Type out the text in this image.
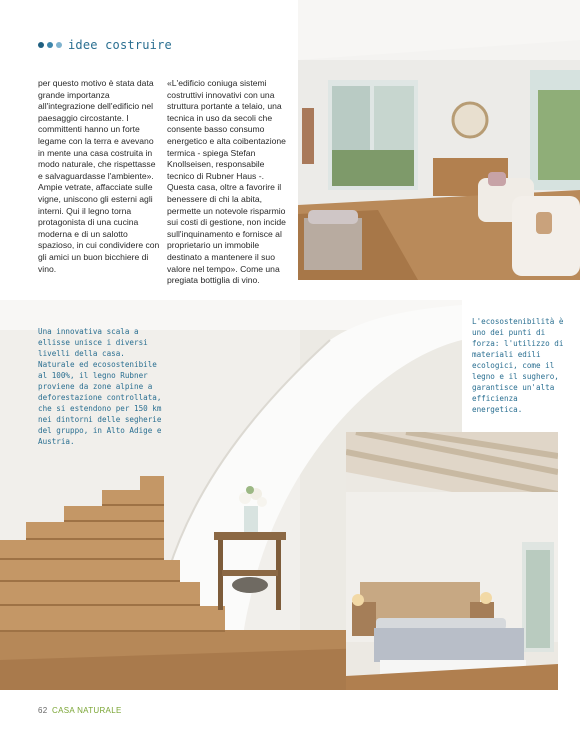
idee costruire

per questo motivo è stata data grande importanza all'integrazione dell'edificio nel paesaggio circostante. I committenti hanno un forte legame con la terra e avevano in mente una casa costruita in modo naturale, che rispettasse e salvaguardasse l'ambiente». Ampie vetrate, affacciate sulle vigne, uniscono gli esterni agli interni. Qui il legno torna protagonista di una cucina moderna e di un salotto spazioso, in cui condividere con gli amici un buon bicchiere di vino.

«L'edificio coniuga sistemi costruttivi innovativi con una struttura portante a telaio, una tecnica in uso da secoli che consente basso consumo energetico e alta coibentazione termica - spiega Stefan Knollseisen, responsabile tecnico di Rubner Haus -. Questa casa, oltre a favorire il benessere di chi la abita, permette un notevole risparmio sui costi di gestione, non incide sull'inquinamento e fornisce al proprietario un immobile destinato a mantenere il suo valore nel tempo». Come una pregiata bottiglia di vino.

Una innovativa scala a ellisse unisce i diversi livelli della casa. Naturale ed ecosostenibile al 100%, il legno Rubner proviene da zone alpine a deforestazione controllata, che si estendono per 150 km nei dintorni delle segherie del gruppo, in Alto Adige e Austria.

L'ecosostenibilità è uno dei punti di forza: l'utilizzo di materiali edili ecologici, come il legno e il sughero, garantisce un'alta efficienza energetica.

62 CASA NATURALE
